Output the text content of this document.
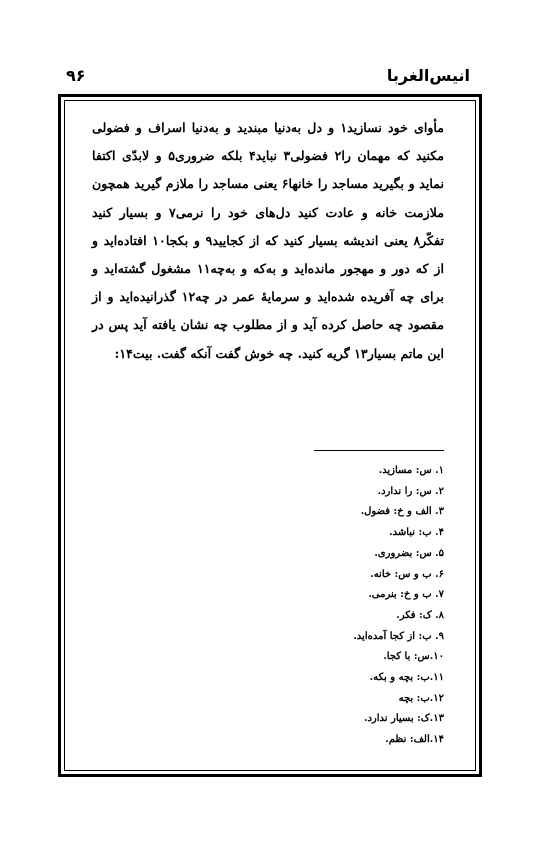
انیس‌الغربا
۹۶

مأوای خود نسازید۱ و دل به‌دنیا مبندید و به‌دنیا اسراف و فضولی مکنید که مهمان را۲ فضولی۳ نباید۴ بلکه ضروری۵ و لابدّی اکتفا نماید و بگیرید مساجد را خانها۶ یعنی مساجد را ملازم گیرید همچون ملازمت خانه و عادت کنید دل‌های خود را نرمی۷ و بسیار کنید تفکّر۸ یعنی اندیشه بسیار کنید که از کجایید۹ و بکجا۱۰ افتاده‌اید و از که دور و مهجور مانده‌اید و به‌که و به‌چه۱۱ مشغول گشته‌اید و برای چه آفریده شده‌اید و سرمایهٔ عمر در چه۱۲ گذرانیده‌اید و از مقصود چه حاصل کرده آید و از مطلوب چه نشان یافته آید پس در این ماتم بسیار۱۳ گریه کنید. چه خوش گفت آنکه گفت. بیت۱۴:

۱. س: مسازید.
۲. س: را ندارد.
۳. الف و خ: فضول.
۴. ب: نباشد.
۵. س: بضروری.
۶. ب و س: خانه.
۷. ب و خ: بنرمی.
۸. ک: فکر.
۹. ب: از کجا آمده‌اید.
۱۰.س: با کجا.
۱۱.ب: بچه و بکه.
۱۲.ب: بچه
۱۳.ک: بسیار ندارد.
۱۴.الف: نظم.
